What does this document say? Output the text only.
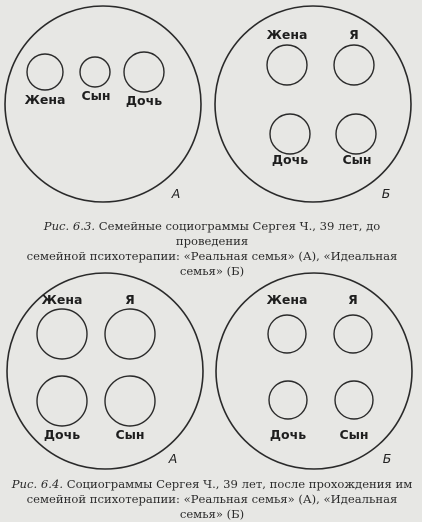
Жена Сын Дочь
Жена	Я
Дочь	Сын
Жена	Я
Дочь	Сын
Жена	Я
Дочь	Сын
А	Б
А	Б
Рис. 6.3. Семейные социограммы Сергея Ч., 39 лет, до проведения
семейной психотерапии: «Реальная семья» (А), «Идеальная семья» (Б)
Рис. 6.4. Социограммы Сергея Ч., 39 лет, после прохождения им
семейной психотерапии: «Реальная семья» (А), «Идеальная семья» (Б)
